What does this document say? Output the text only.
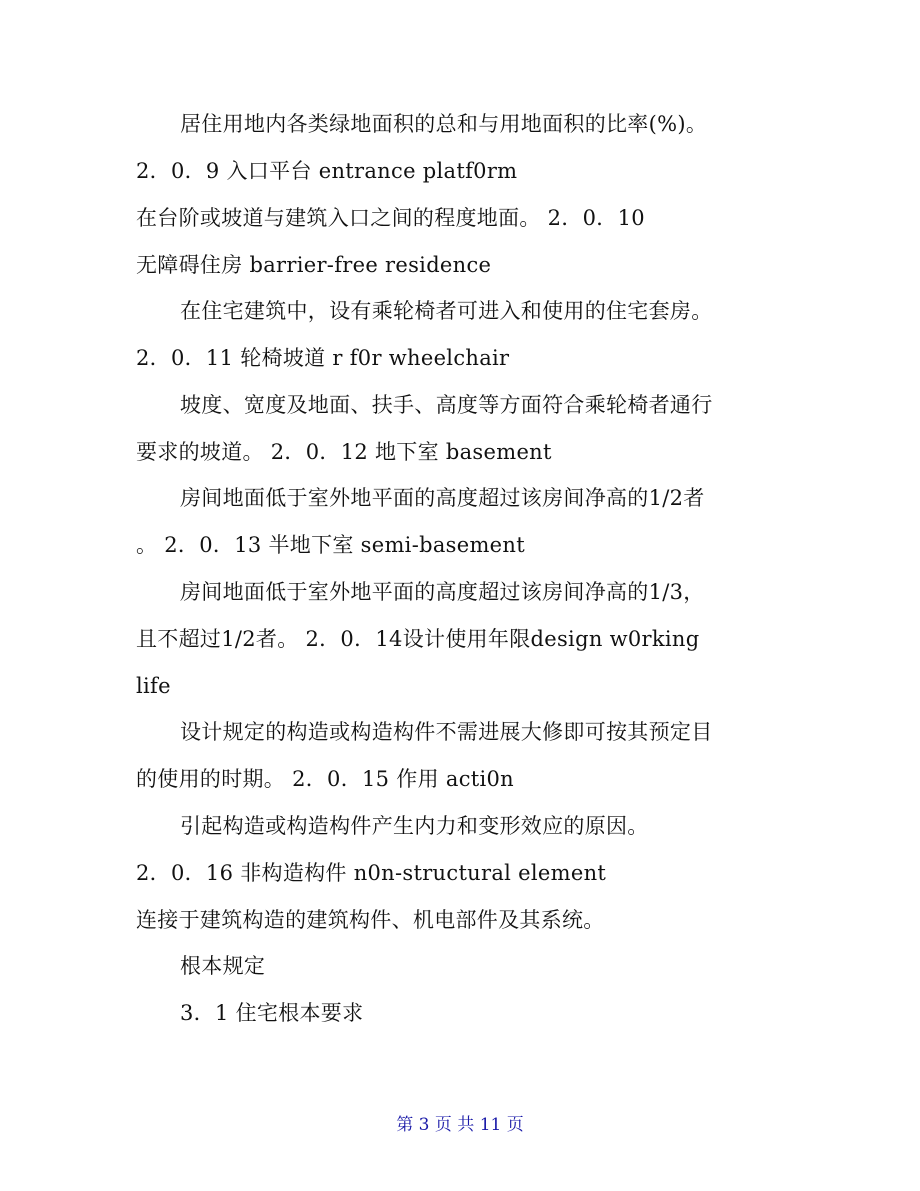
居住用地内各类绿地面积的总和与用地面积的比率(%)。
2．0．9 入口平台 entrance platf0rm
在台阶或坡道与建筑入口之间的程度地面。 2．0．10
无障碍住房 barrier-free residence
在住宅建筑中，设有乘轮椅者可进入和使用的住宅套房。
2．0．11 轮椅坡道 r f0r wheelchair
坡度、宽度及地面、扶手、高度等方面符合乘轮椅者通行
要求的坡道。 2．0．12 地下室 basement
房间地面低于室外地平面的高度超过该房间净高的1/2者
。 2．0．13 半地下室 semi-basement
房间地面低于室外地平面的高度超过该房间净高的1/3，
且不超过1/2者。 2．0．14设计使用年限design w0rking
life
设计规定的构造或构造构件不需进展大修即可按其预定目
的使用的时期。 2．0．15 作用 acti0n
引起构造或构造构件产生内力和变形效应的原因。
2．0．16 非构造构件 n0n-structural element
连接于建筑构造的建筑构件、机电部件及其系统。
根本规定
3．1 住宅根本要求
第 3 页 共 11 页
